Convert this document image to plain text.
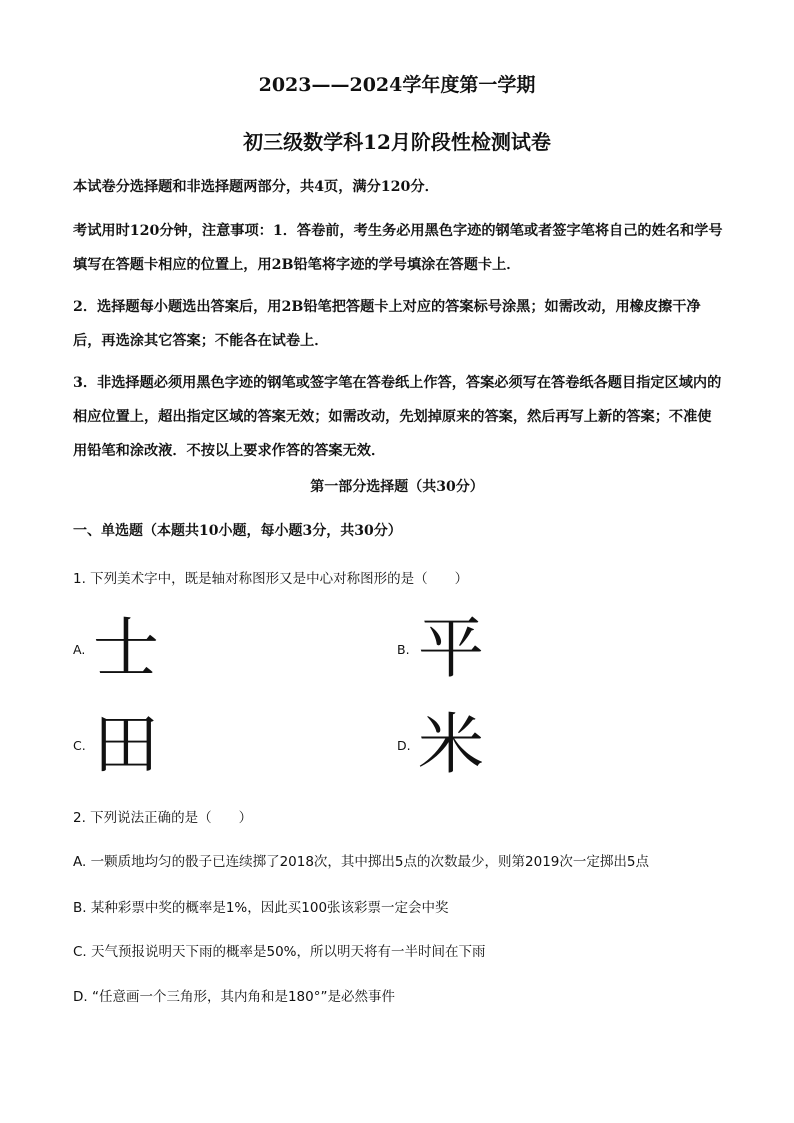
2023——2024学年度第一学期
初三级数学科12月阶段性检测试卷

本试卷分选择题和非选择题两部分，共4页，满分120分．

考试用时120分钟，注意事项：1．答卷前，考生务必用黑色字迹的钢笔或者签字笔将自己的姓名和学号填写在答题卡相应的位置上，用2B铅笔将字迹的学号填涂在答题卡上．

2．选择题每小题选出答案后，用2B铅笔把答题卡上对应的答案标号涂黑；如需改动，用橡皮擦干净后，再选涂其它答案；不能各在试卷上．

3．非选择题必须用黑色字迹的钢笔或签字笔在答卷纸上作答，答案必须写在答卷纸各题目指定区域内的相应位置上，超出指定区域的答案无效；如需改动，先划掉原来的答案，然后再写上新的答案；不准使用铅笔和涂改液．不按以上要求作答的答案无效．

第一部分选择题（共30分）
一、单选题（本题共10小题，每小题3分，共30分）
1. 下列美术字中，既是轴对称图形又是中心对称图形的是（　　）
A. 士	B. 平
C. 田	D. 米
2. 下列说法正确的是（　　）
A. 一颗质地均匀的骰子已连续掷了2018次，其中掷出5点的次数最少，则第2019次一定掷出5点
B. 某种彩票中奖的概率是1%，因此买100张该彩票一定会中奖
C. 天气预报说明天下雨的概率是50%，所以明天将有一半时间在下雨
D. “任意画一个三角形，其内角和是180°”是必然事件
